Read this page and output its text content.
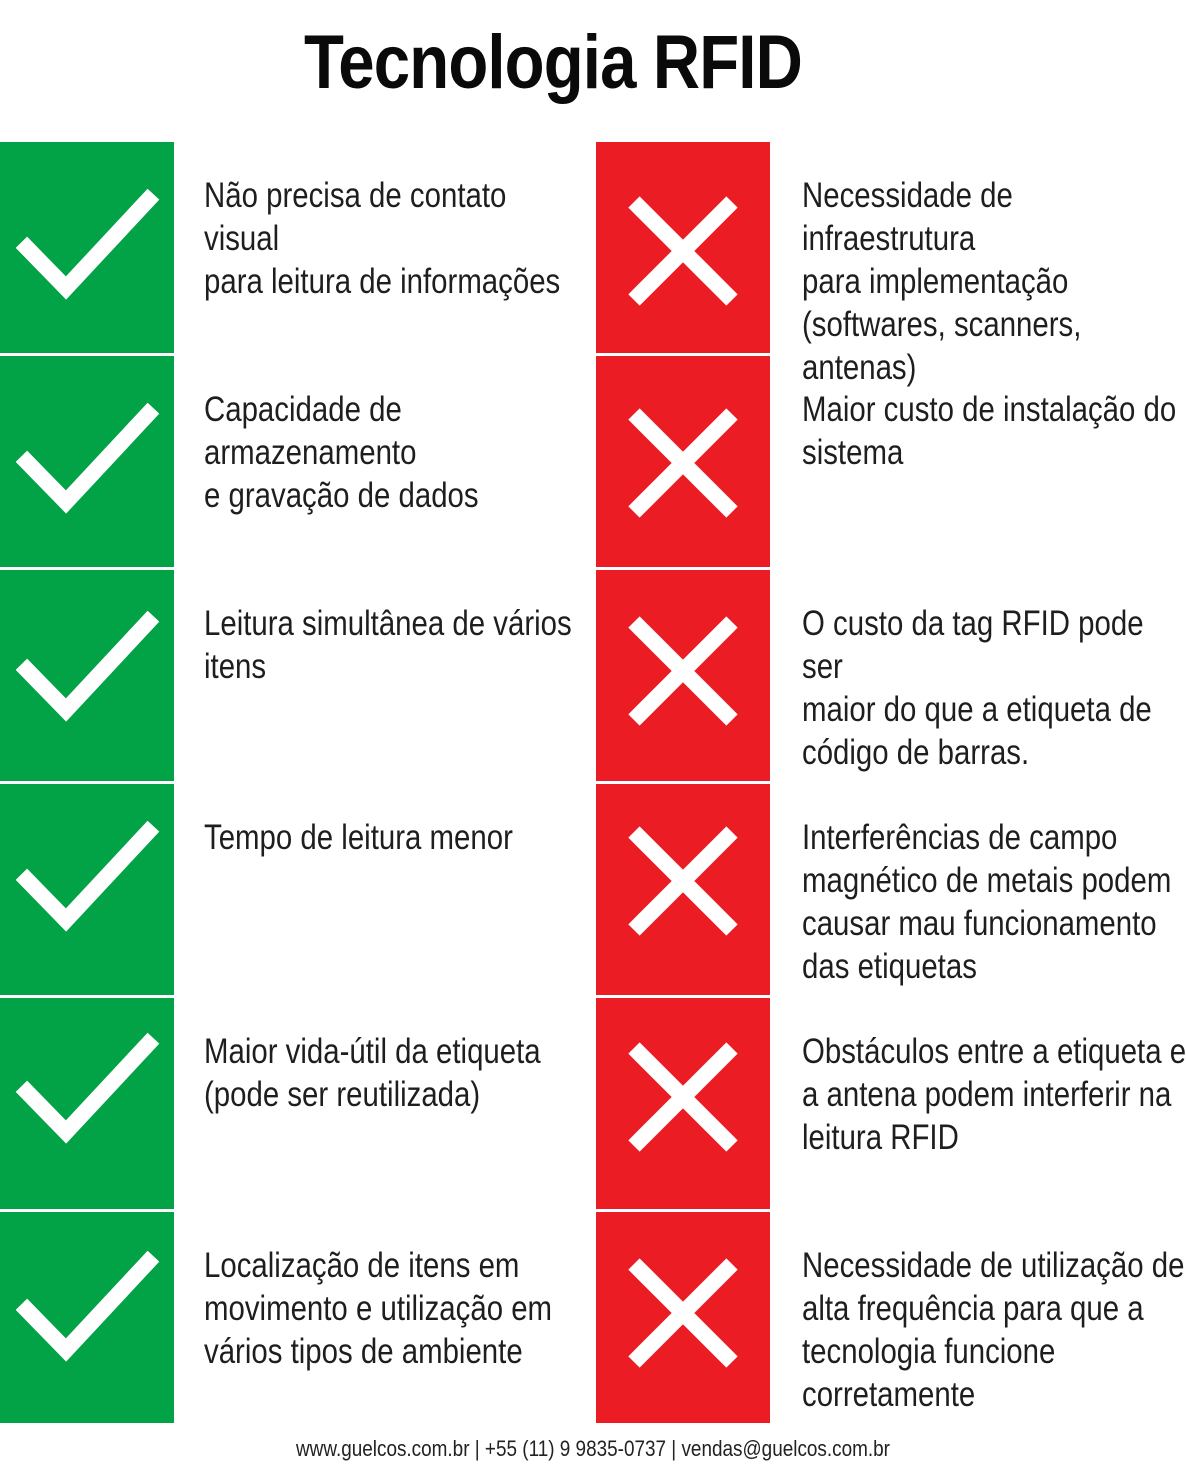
Tecnologia RFID
Não precisa de contato visual
para leitura de informações
Necessidade de infraestrutura
para implementação
(softwares, scanners, antenas)
Capacidade de armazenamento
e gravação de dados
Maior custo de instalação do
sistema
Leitura simultânea de vários
itens
O custo da tag RFID pode ser
maior do que a etiqueta de
código de barras.
Tempo de leitura menor	Interferências de campo
magnético de metais podem
causar mau funcionamento
das etiquetas
Maior vida-útil da etiqueta
(pode ser reutilizada)
Obstáculos entre a etiqueta e
a antena podem interferir na
leitura RFID
Localização de itens em
movimento e utilização em
vários tipos de ambiente
Necessidade de utilização de
alta frequência para que a
tecnologia funcione
corretamente
www.guelcos.com.br | +55 (11) 9 9835-0737 | vendas@guelcos.com.br
